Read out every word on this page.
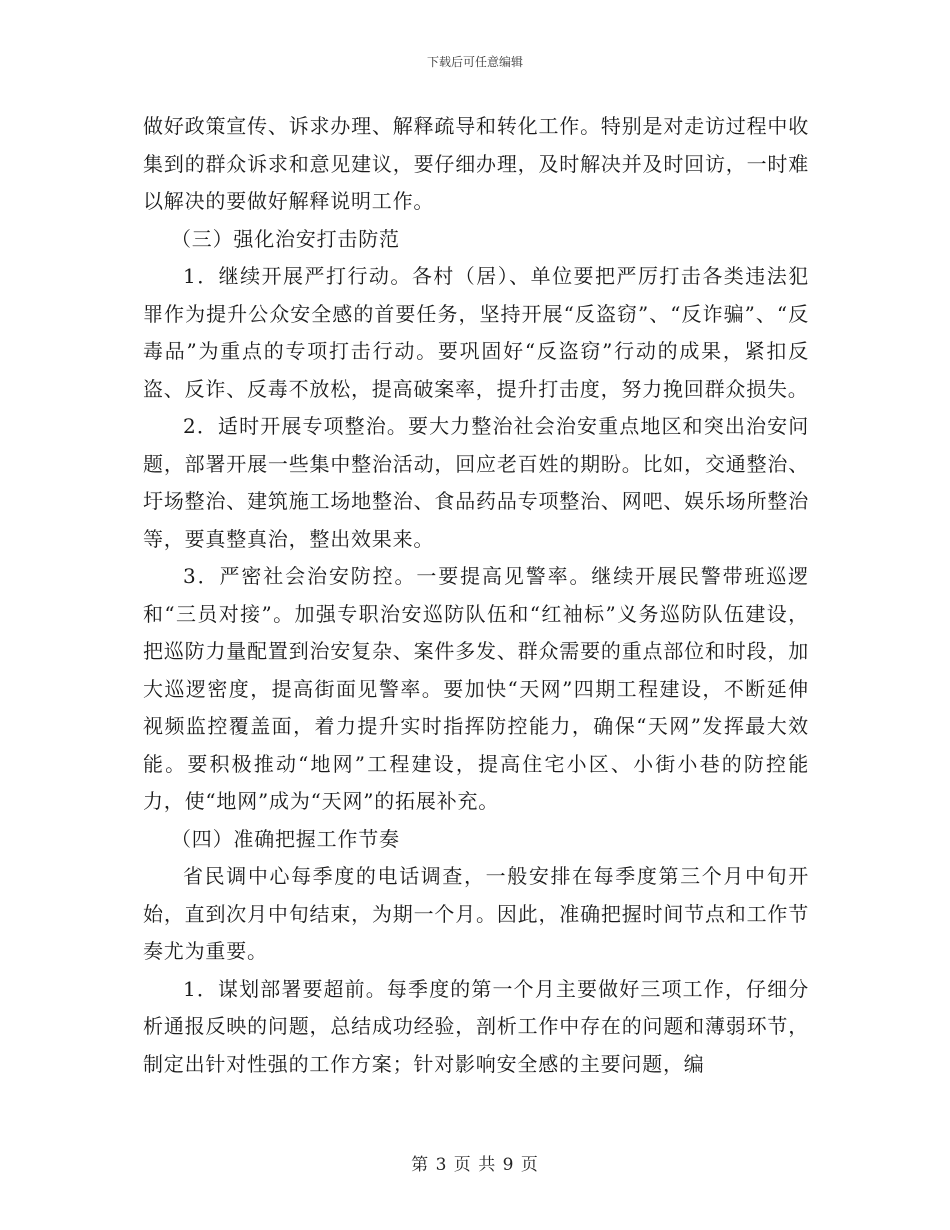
下载后可任意编辑

做好政策宣传、诉求办理、解释疏导和转化工作。特别是对走访过程中收集到的群众诉求和意见建议，要仔细办理，及时解决并及时回访，一时难以解决的要做好解释说明工作。

（三）强化治安打击防范

1．继续开展严打行动。各村（居）、单位要把严厉打击各类违法犯罪作为提升公众安全感的首要任务，坚持开展“反盗窃”、“反诈骗”、“反毒品”为重点的专项打击行动。要巩固好“反盗窃”行动的成果，紧扣反盗、反诈、反毒不放松，提高破案率，提升打击度，努力挽回群众损失。

2．适时开展专项整治。要大力整治社会治安重点地区和突出治安问题，部署开展一些集中整治活动，回应老百姓的期盼。比如，交通整治、圩场整治、建筑施工场地整治、食品药品专项整治、网吧、娱乐场所整治等，要真整真治，整出效果来。

3．严密社会治安防控。一要提高见警率。继续开展民警带班巡逻和“三员对接”。加强专职治安巡防队伍和“红袖标”义务巡防队伍建设，把巡防力量配置到治安复杂、案件多发、群众需要的重点部位和时段，加大巡逻密度，提高街面见警率。要加快“天网”四期工程建设，不断延伸视频监控覆盖面，着力提升实时指挥防控能力，确保“天网”发挥最大效能。要积极推动“地网”工程建设，提高住宅小区、小街小巷的防控能力，使“地网”成为“天网”的拓展补充。

（四）准确把握工作节奏

省民调中心每季度的电话调查，一般安排在每季度第三个月中旬开始，直到次月中旬结束，为期一个月。因此，准确把握时间节点和工作节奏尤为重要。

1．谋划部署要超前。每季度的第一个月主要做好三项工作，仔细分析通报反映的问题，总结成功经验，剖析工作中存在的问题和薄弱环节，制定出针对性强的工作方案；针对影响安全感的主要问题，编

第 3 页 共 9 页
